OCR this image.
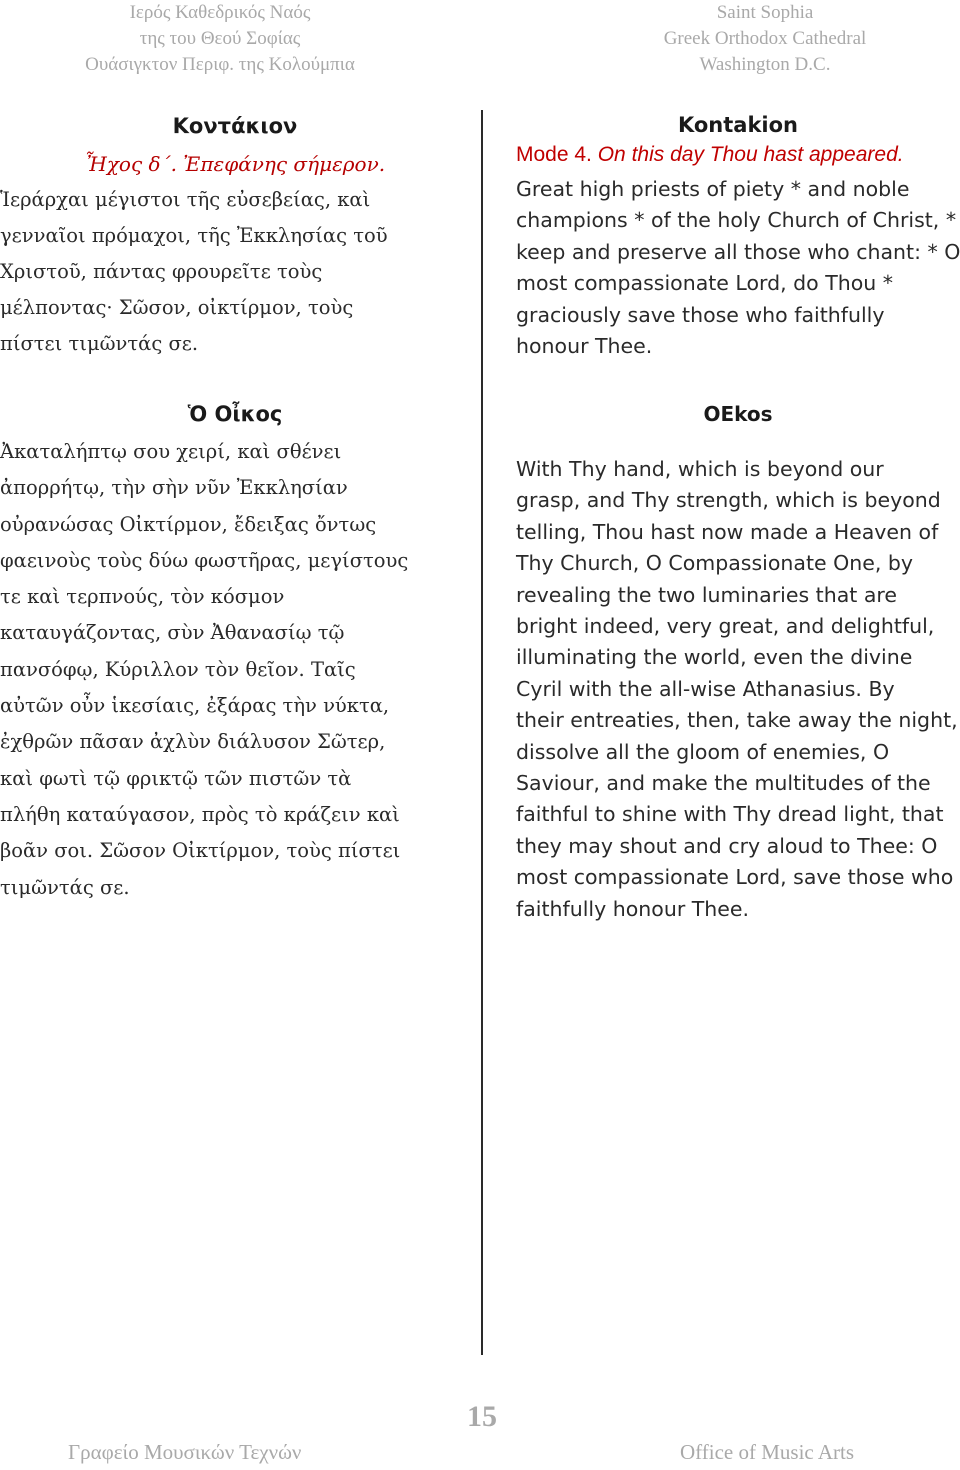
Ιερός Καθεδρικός Ναός
της του Θεού Σοφίας
Ουάσιγκτον Περιφ. της Κολούμπια
Saint Sophia
Greek Orthodox Cathedral
Washington D.C.
Κοντάκιον

Ἦχος δ΄. Ἐπεφάνης σήμερον.

Ἱεράρχαι μέγιστοι τῆς εὐσεβείας, καὶ

γενναῖοι πρόμαχοι, τῆς Ἐκκλησίας τοῦ

Χριστοῦ, πάντας φρουρεῖτε τοὺς

μέλποντας· Σῶσον, οἰκτίρμον, τοὺς

πίστει τιμῶντάς σε.

Ὁ Οἶκος

Ἀκαταλήπτῳ σου χειρί, καὶ σθένει

ἀπορρήτῳ, τὴν σὴν νῦν Ἐκκλησίαν

οὐρανώσας Οἰκτίρμον, ἔδειξας ὄντως

φαεινοὺς τοὺς δύω φωστῆρας, μεγίστους

τε καὶ τερπνούς, τὸν κόσμον

καταυγάζοντας, σὺν Ἀθανασίῳ τῷ

πανσόφῳ, Κύριλλον τὸν θεῖον. Ταῖς

αὐτῶν οὖν ἱκεσίαις, ἐξάρας τὴν νύκτα,

ἐχθρῶν πᾶσαν ἀχλὺν διάλυσον Σῶτερ,

καὶ φωτὶ τῷ φρικτῷ τῶν πιστῶν τὰ

πλήθη καταύγασον, πρὸς τὸ κράζειν καὶ

βοᾶν σοι. Σῶσον Οἰκτίρμον, τοὺς πίστει

τιμῶντάς σε.

Kontakion
Mode 4. On this day Thou hast appeared.

Great high priests of piety * and noble

champions * of the holy Church of Christ, *

keep and preserve all those who chant: * O

most compassionate Lord, do Thou *

graciously save those who faithfully

honour Thee.

OEkos

With Thy hand, which is beyond our

grasp, and Thy strength, which is beyond

telling, Thou hast now made a Heaven of

Thy Church, O Compassionate One, by

revealing the two luminaries that are

bright indeed, very great, and delightful,

illuminating the world, even the divine

Cyril with the all-wise Athanasius. By

their entreaties, then, take away the night,

dissolve all the gloom of enemies, O

Saviour, and make the multitudes of the

faithful to shine with Thy dread light, that

they may shout and cry aloud to Thee: O

most compassionate Lord, save those who

faithfully honour Thee.

15
Γραφείο Μουσικών Τεχνών	Office of Music Arts
